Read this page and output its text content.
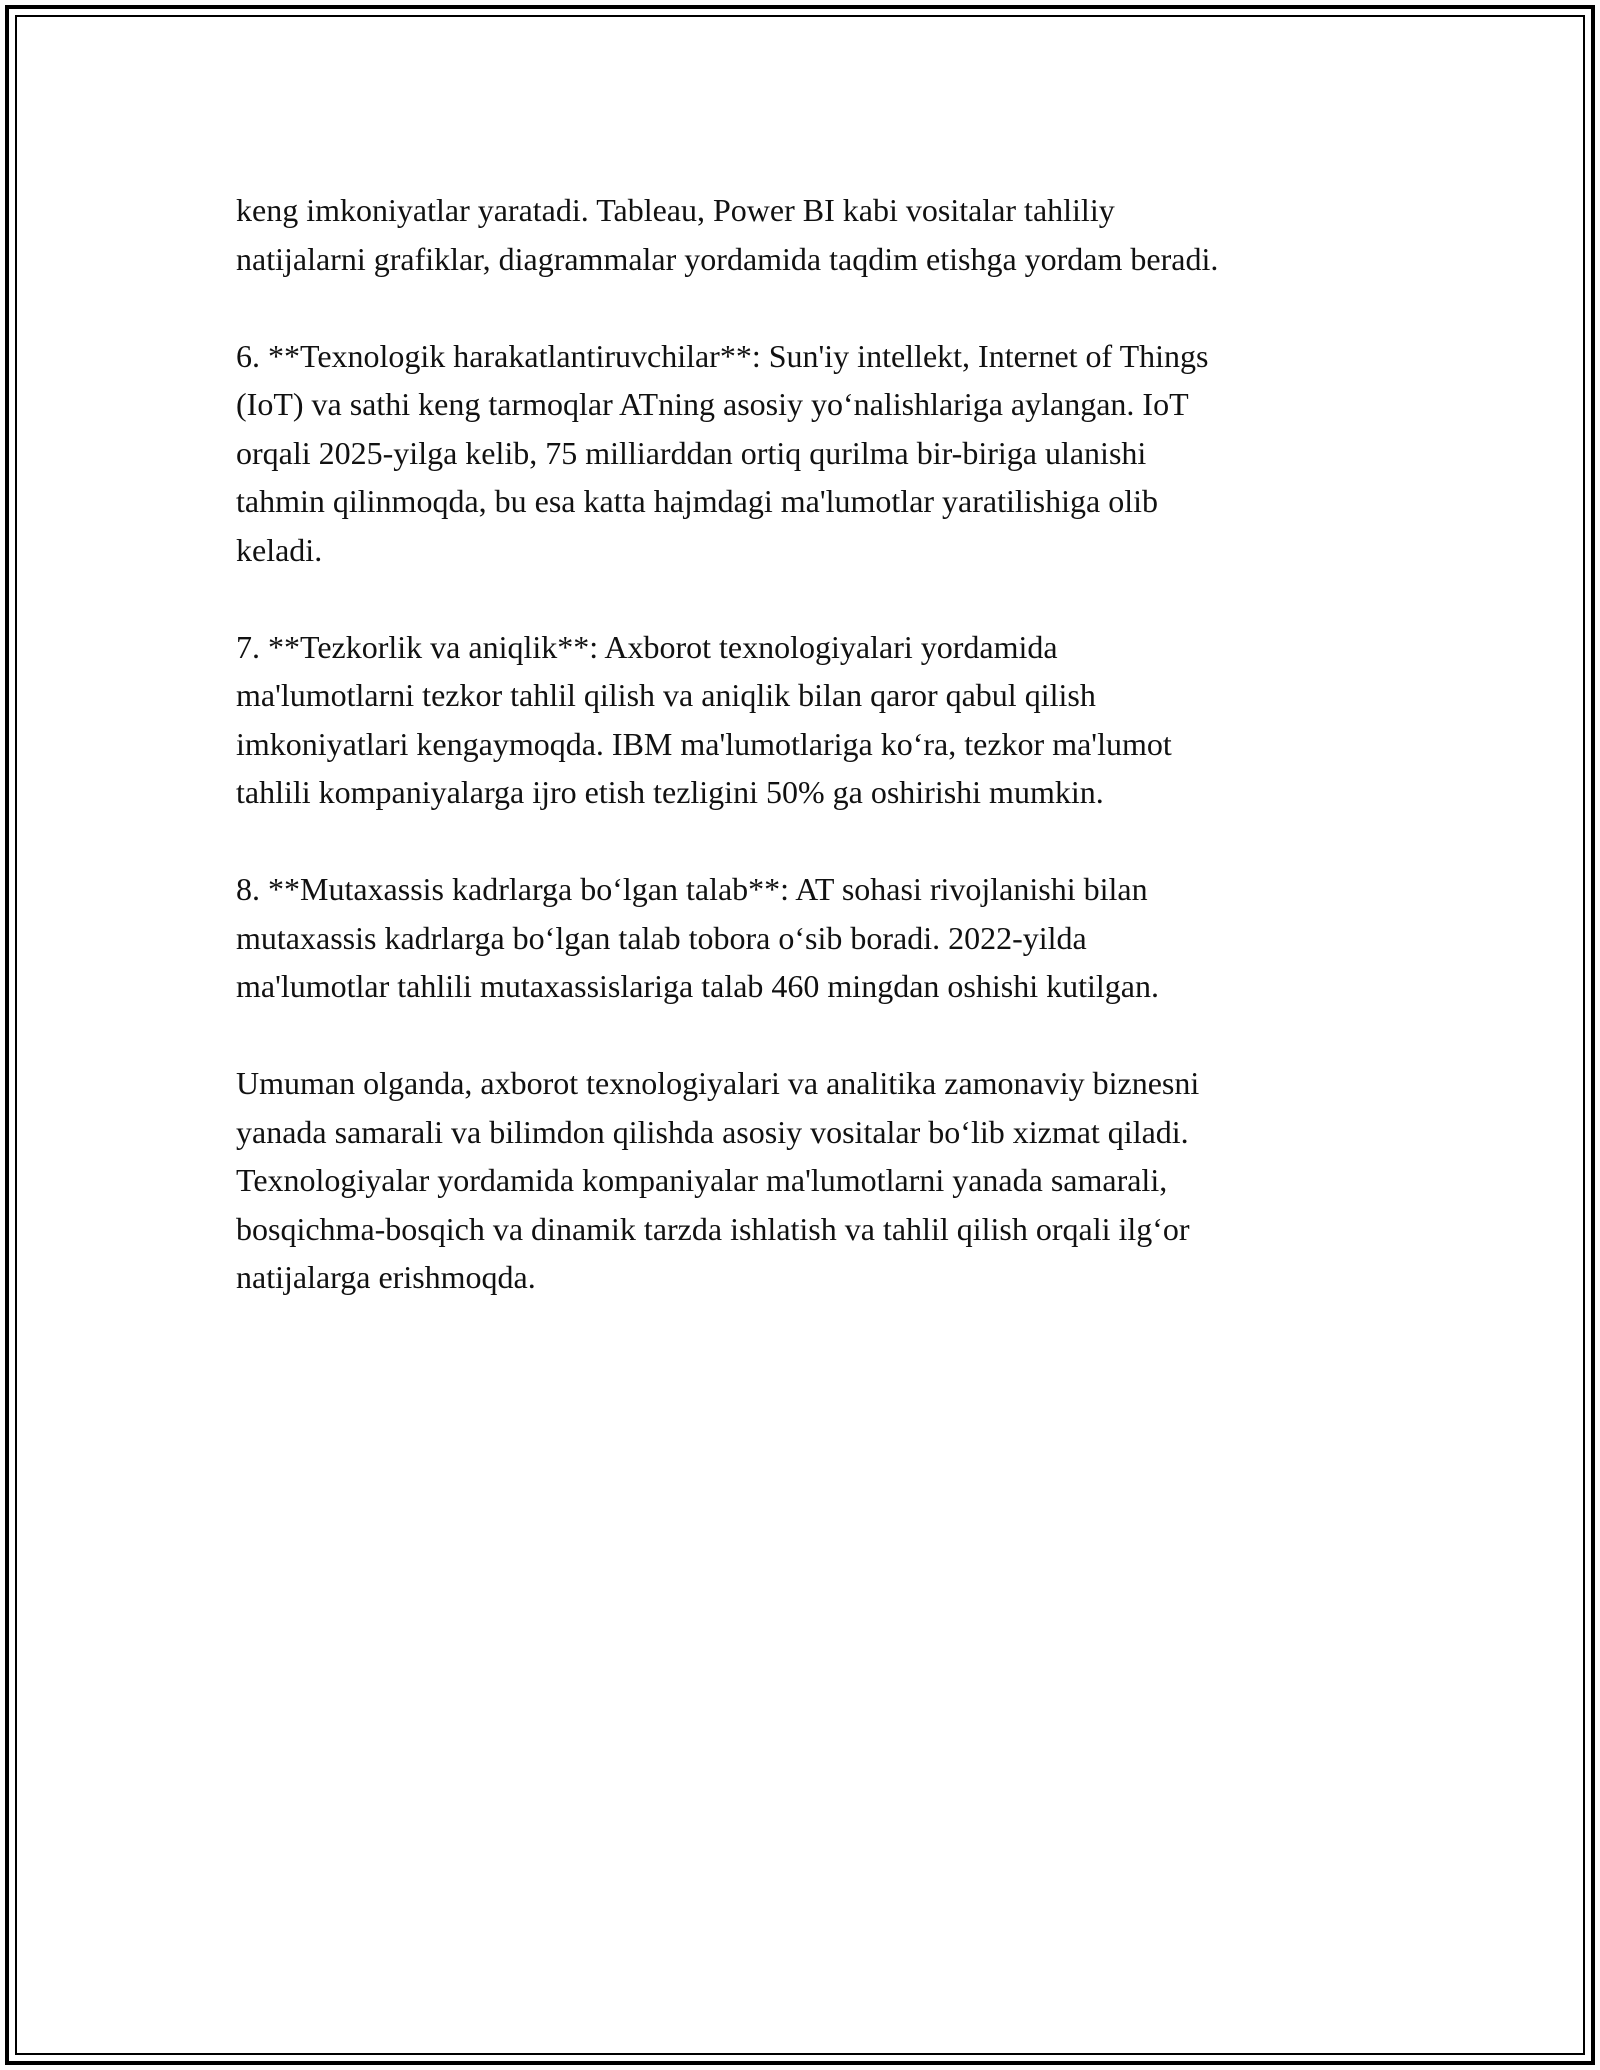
keng imkoniyatlar yaratadi. Tableau, Power BI kabi vositalar tahliliy
natijalarni grafiklar, diagrammalar yordamida taqdim etishga yordam beradi.

6. **Texnologik harakatlantiruvchilar**: Sun'iy intellekt, Internet of Things
(IoT) va sathi keng tarmoqlar ATning asosiy yo‘nalishlariga aylangan. IoT
orqali 2025-yilga kelib, 75 milliarddan ortiq qurilma bir-biriga ulanishi
tahmin qilinmoqda, bu esa katta hajmdagi ma'lumotlar yaratilishiga olib
keladi.

7. **Tezkorlik va aniqlik**: Axborot texnologiyalari yordamida
ma'lumotlarni tezkor tahlil qilish va aniqlik bilan qaror qabul qilish
imkoniyatlari kengaymoqda. IBM ma'lumotlariga ko‘ra, tezkor ma'lumot
tahlili kompaniyalarga ijro etish tezligini 50% ga oshirishi mumkin.

8. **Mutaxassis kadrlarga bo‘lgan talab**: AT sohasi rivojlanishi bilan
mutaxassis kadrlarga bo‘lgan talab tobora o‘sib boradi. 2022-yilda
ma'lumotlar tahlili mutaxassislariga talab 460 mingdan oshishi kutilgan.

Umuman olganda, axborot texnologiyalari va analitika zamonaviy biznesni
yanada samarali va bilimdon qilishda asosiy vositalar bo‘lib xizmat qiladi.
Texnologiyalar yordamida kompaniyalar ma'lumotlarni yanada samarali,
bosqichma-bosqich va dinamik tarzda ishlatish va tahlil qilish orqali ilg‘or
natijalarga erishmoqda.
